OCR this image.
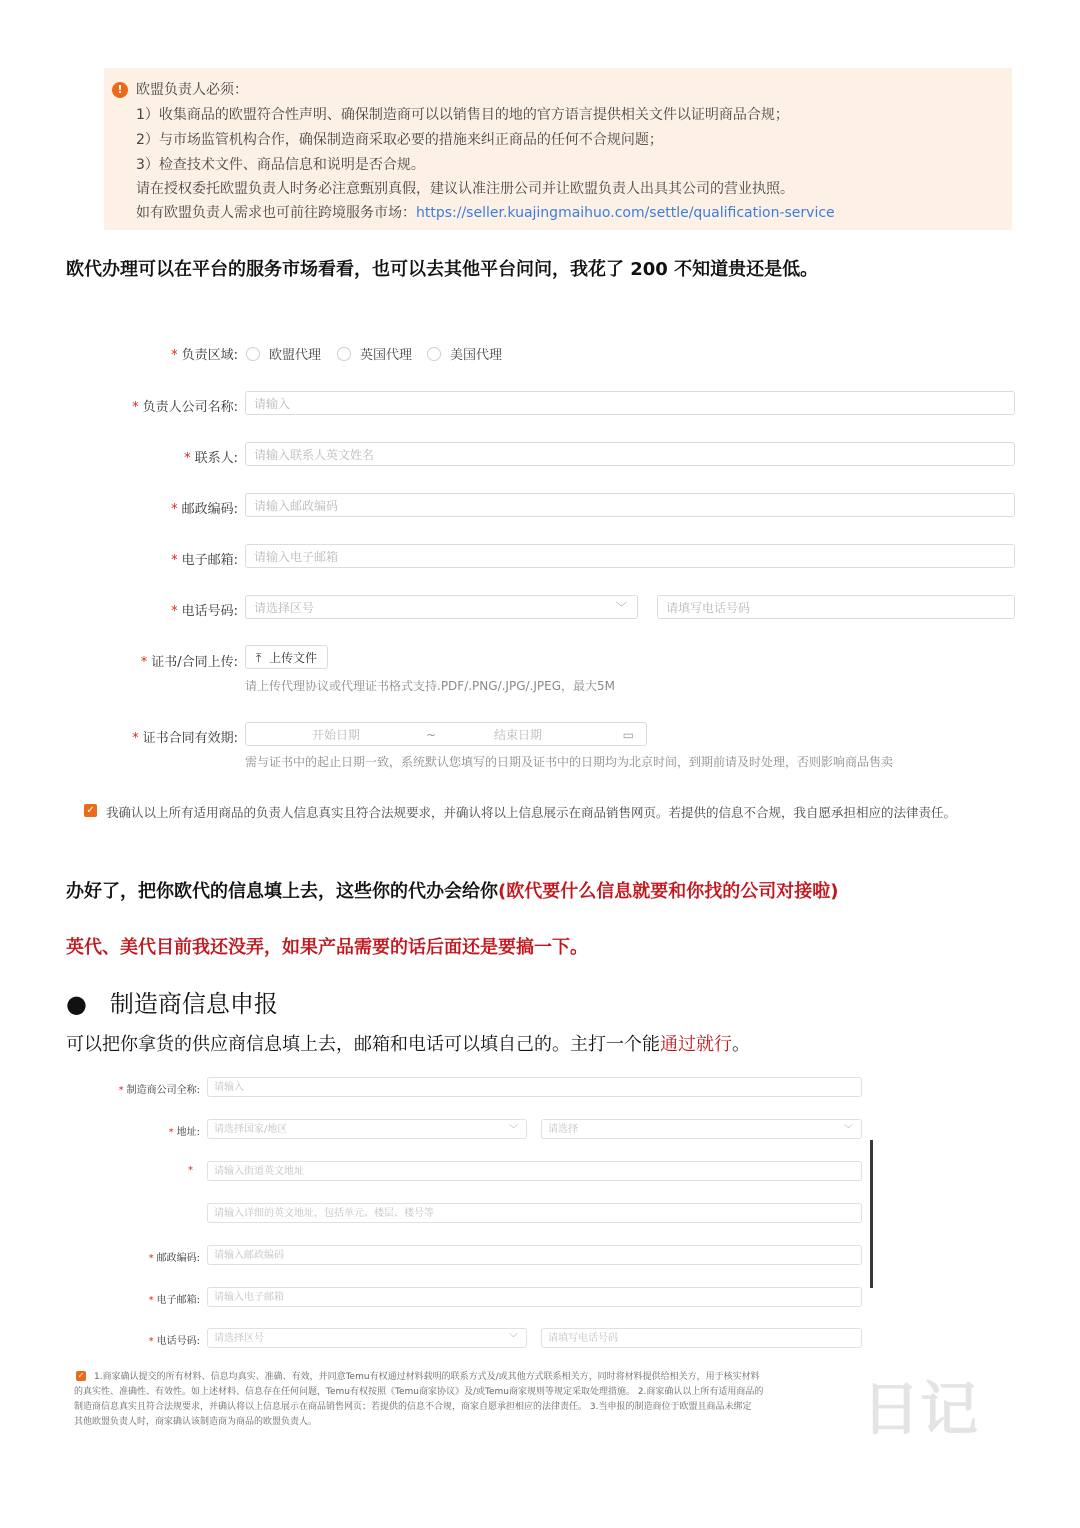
! 欧盟负责人必须：
1）收集商品的欧盟符合性声明、确保制造商可以以销售目的地的官方语言提供相关文件以证明商品合规；
2）与市场监管机构合作，确保制造商采取必要的措施来纠正商品的任何不合规问题；
3）检查技术文件、商品信息和说明是否合规。
请在授权委托欧盟负责人时务必注意甄别真假，建议认准注册公司并让欧盟负责人出具其公司的营业执照。
如有欧盟负责人需求也可前往跨境服务市场：https://seller.kuajingmaihuo.com/settle/qualification-service
欧代办理可以在平台的服务市场看看，也可以去其他平台问问，我花了 200 不知道贵还是低。
* 负责区域:	欧盟代理	英国代理	美国代理
* 负责人公司名称:	请输入
* 联系人:	请输入联系人英文姓名
* 邮政编码:	请输入邮政编码
* 电子邮箱:	请输入电子邮箱
* 电话号码:	请选择区号	﹀	请填写电话号码
* 证书/合同上传:	⤒ 上传文件
请上传代理协议或代理证书格式支持.PDF/.PNG/.JPG/.JPEG，最大5M
* 证书合同有效期:	开始日期	~	结束日期	▭
需与证书中的起止日期一致，系统默认您填写的日期及证书中的日期均为北京时间，到期前请及时处理，否则影响商品售卖
✓ 我确认以上所有适用商品的负责人信息真实且符合法规要求，并确认将以上信息展示在商品销售网页。若提供的信息不合规，我自愿承担相应的法律责任。
办好了，把你欧代的信息填上去，这些你的代办会给你(欧代要什么信息就要和你找的公司对接啦)
英代、美代目前我还没弄，如果产品需要的话后面还是要搞一下。
● 制造商信息申报
可以把你拿货的供应商信息填上去，邮箱和电话可以填自己的。主打一个能通过就行。
* 制造商公司全称:	请输入
* 地址:	请选择国家/地区	﹀	请选择	﹀
*	请输入街道英文地址
请输入详细的英文地址，包括单元、楼层、楼号等
* 邮政编码:	请输入邮政编码
* 电子邮箱:	请输入电子邮箱
* 电话号码:	请选择区号	﹀	请填写电话号码
✓ 1.商家确认提交的所有材料、信息均真实、准确、有效，并同意Temu有权通过材料载明的联系方式及/或其他方式联系相关方，同时将材料提供给相关方，用于核实材料
的真实性、准确性、有效性。如上述材料、信息存在任何问题，Temu有权按照《Temu商家协议》及/或Temu商家规则等规定采取处理措施。 2.商家确认以上所有适用商品的
制造商信息真实且符合法规要求，并确认将以上信息展示在商品销售网页；若提供的信息不合规，商家自愿承担相应的法律责任。 3.当申报的制造商位于欧盟且商品未绑定
其他欧盟负责人时，商家确认该制造商为商品的欧盟负责人。	日记
